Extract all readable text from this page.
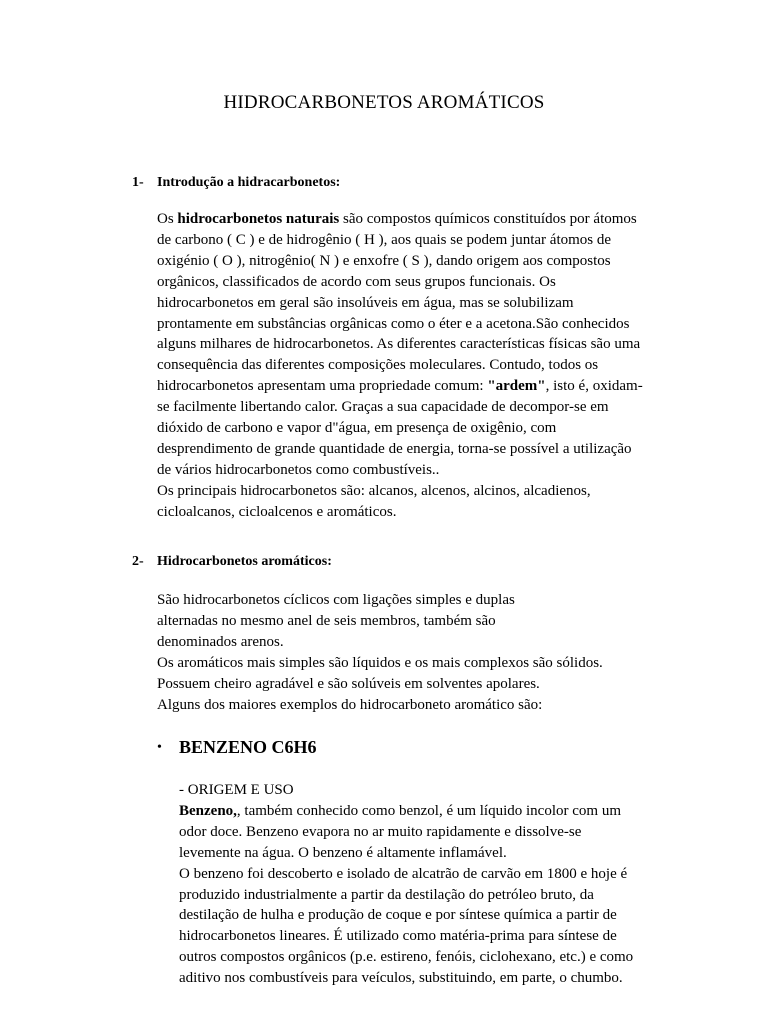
HIDROCARBONETOS AROMÁTICOS
1- Introdução a hidracarbonetos:
Os hidrocarbonetos naturais são compostos químicos constituídos por átomos
de carbono ( C ) e de hidrogênio ( H ), aos quais se podem juntar átomos de
oxigénio ( O ), nitrogênio( N ) e enxofre ( S ), dando origem aos compostos
orgânicos, classificados de acordo com seus grupos funcionais. Os
hidrocarbonetos em geral são insolúveis em água, mas se solubilizam
prontamente em substâncias orgânicas como o éter e a acetona.São conhecidos
alguns milhares de hidrocarbonetos. As diferentes características físicas são uma
consequência das diferentes composições moleculares. Contudo, todos os
hidrocarbonetos apresentam uma propriedade comum: "ardem", isto é, oxidam-
se facilmente libertando calor. Graças a sua capacidade de decompor-se em
dióxido de carbono e vapor d"água, em presença de oxigênio, com
desprendimento de grande quantidade de energia, torna-se possível a utilização
de vários hidrocarbonetos como combustíveis..
Os principais hidrocarbonetos são: alcanos, alcenos, alcinos, alcadienos,
cicloalcanos, cicloalcenos e aromáticos.
2- Hidrocarbonetos aromáticos:
São hidrocarbonetos cíclicos com ligações simples e duplas
alternadas no mesmo anel de seis membros, também são
denominados arenos.
Os aromáticos mais simples são líquidos e os mais complexos são sólidos.
Possuem cheiro agradável e são solúveis em solventes apolares.
Alguns dos maiores exemplos do hidrocarboneto aromático são:
• BENZENO C6H6
- ORIGEM E USO
Benzeno,, também conhecido como benzol, é um líquido incolor com um
odor doce. Benzeno evapora no ar muito rapidamente e dissolve-se
levemente na água. O benzeno é altamente inflamável.
O benzeno foi descoberto e isolado de alcatrão de carvão em 1800 e hoje é
produzido industrialmente a partir da destilação do petróleo bruto, da
destilação de hulha e produção de coque e por síntese química a partir de
hidrocarbonetos lineares. É utilizado como matéria-prima para síntese de
outros compostos orgânicos (p.e. estireno, fenóis, ciclohexano, etc.) e como
aditivo nos combustíveis para veículos, substituindo, em parte, o chumbo.
